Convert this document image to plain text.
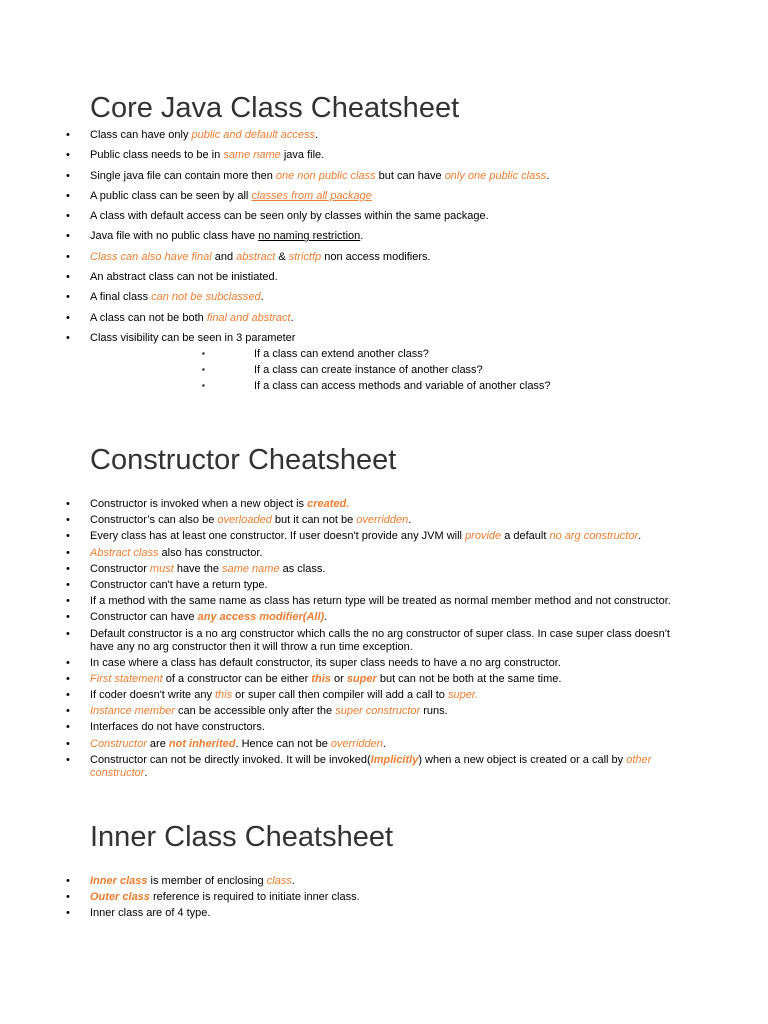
Core Java Class Cheatsheet
• Class can have only public and default access.
• Public class needs to be in same name java file.
• Single java file can contain more then one non public class but can have only one public class.
• A public class can be seen by all classes from all package
• A class with default access can be seen only by classes within the same package.
• Java file with no public class have no naming restriction.
• Class can also have final and abstract & strictfp non access modifiers.
• An abstract class can not be inistiated.
• A final class can not be subclassed.
• A class can not be both final and abstract.
• Class visibility can be seen in 3 parameter
▪ If a class can extend another class?
▪ If a class can create instance of another class?
▪ If a class can access methods and variable of another class?
Constructor Cheatsheet
• Constructor is invoked when a new object is created.
• Constructor’s can also be overloaded but it can not be overridden.
• Every class has at least one constructor. If user doesn't provide any JVM will provide a default no arg constructor.
• Abstract class also has constructor.
• Constructor must have the same name as class.
• Constructor can't have a return type.
• If a method with the same name as class has return type will be treated as normal member method and not constructor.
• Constructor can have any access modifier(All).
• Default constructor is a no arg constructor which calls the no arg constructor of super class. In case super class doesn't have any no arg constructor then it will throw a run time exception.
• In case where a class has default constructor, its super class needs to have a no arg constructor.
• First statement of a constructor can be either this or super but can not be both at the same time.
• If coder doesn't write any this or super call then compiler will add a call to super.
• Instance member can be accessible only after the super constructor runs.
• Interfaces do not have constructors.
• Constructor are not inherited. Hence can not be overridden.
• Constructor can not be directly invoked. It will be invoked(Implicitly) when a new object is created or a call by other constructor.
Inner Class Cheatsheet
• Inner class is member of enclosing class.
• Outer class reference is required to initiate inner class.
• Inner class are of 4 type.
